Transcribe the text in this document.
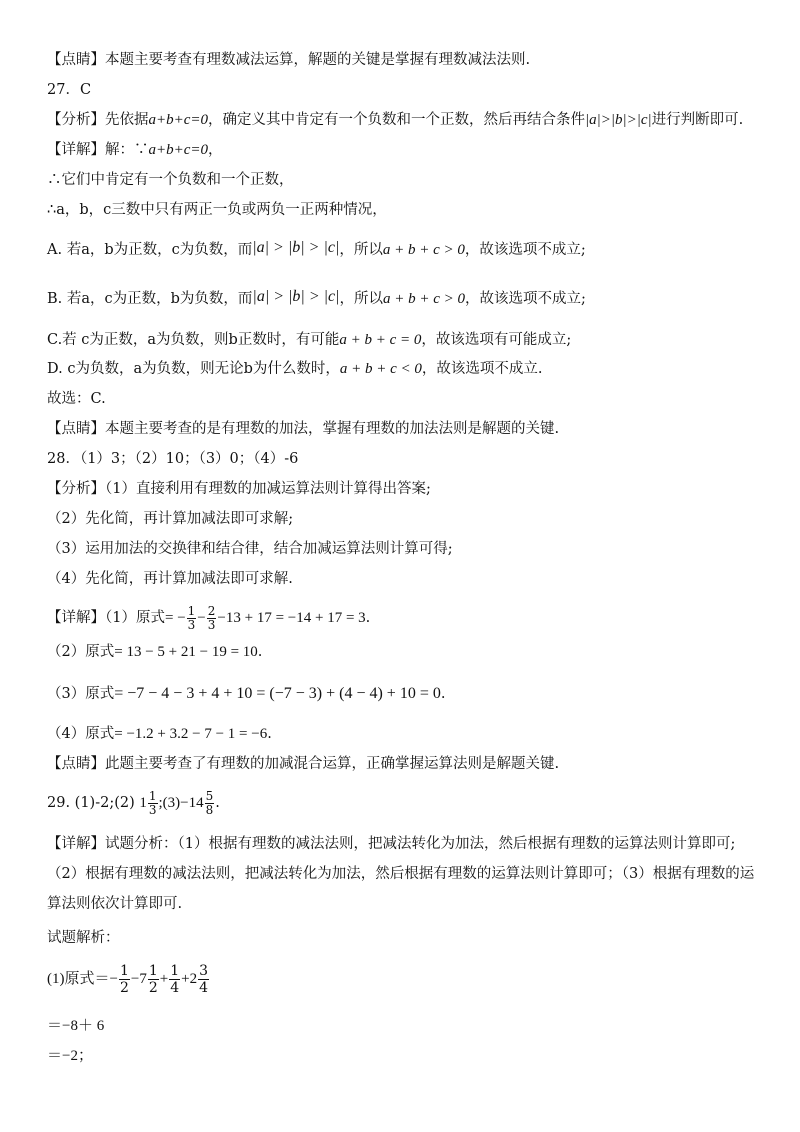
【点睛】本题主要考查有理数减法运算，解题的关键是掌握有理数减法法则.
27．C
【分析】先依据a+b+c=0，确定义其中肯定有一个负数和一个正数，然后再结合条件|a|>|b|>|c|进行判断即可.
【详解】解：∵a+b+c=0，
∴它们中肯定有一个负数和一个正数，
∴a，b，c三数中只有两正一负或两负一正两种情况，
A. 若a，b为正数，c为负数，而|a| > |b| > |c|，所以a + b + c > 0，故该选项不成立;
B. 若a，c为正数，b为负数，而|a| > |b| > |c|，所以a + b + c > 0，故该选项不成立;
C.若 c为正数，a为负数，则b正数时，有可能a + b + c = 0，故该选项有可能成立;
D. c为负数，a为负数，则无论b为什么数时，a + b + c < 0，故该选项不成立.
故选：C.
【点睛】本题主要考查的是有理数的加法，掌握有理数的加法法则是解题的关键.
28．（1）3；（2）10；（3）0；（4）-6
【分析】（1）直接利用有理数的加减运算法则计算得出答案;
（2）先化简，再计算加减法即可求解;
（3）运用加法的交换律和结合律，结合加减运算法则计算可得;
（4）先化简，再计算加减法即可求解.
【详解】（1）原式= − $\frac{1}{3} - \frac{2}{3} -13 + 17 = -14 + 17 = 3$.
（2）原式= 13 − 5 + 21 − 19 = 10.
（3）原式= −7 − 4 − 3 + 4 + 10 = (−7 − 3) + (4 − 4) + 10 = 0.
（4）原式= −1.2 + 3.2 − 7 − 1 = −6.
【点睛】此题主要考查了有理数的加减混合运算，正确掌握运算法则是解题关键.
29. (1)-2;(2) $1 \frac{1}{3}$ ;(3)−14 $\frac{5}{8}$ .
【详解】试题分析：（1）根据有理数的减法法则，把减法转化为加法，然后根据有理数的运算法则计算即可;
（2）根据有理数的减法法则，把减法转化为加法，然后根据有理数的运算法则计算即可；（3）根据有理数的运算法则依次计算即可.
试题解析：
(1)原式＝− $\frac{1}{2} -7 \frac{1}{2} + \frac{1}{4} +2 \frac{3}{4}$
＝−8＋ 6
＝−2；
